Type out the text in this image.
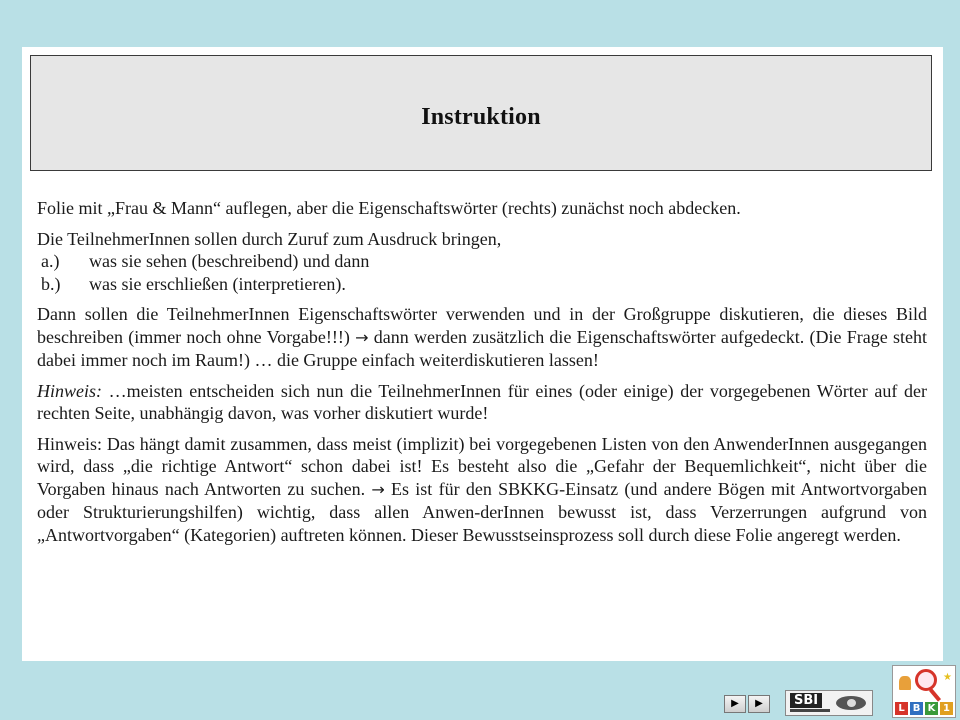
Instruktion

Folie mit „Frau & Mann“ auflegen, aber die Eigenschaftswörter (rechts) zunächst noch abdecken.

Die TeilnehmerInnen sollen durch Zuruf zum Ausdruck bringen,

a.)	was sie sehen (beschreibend) und dann
b.)	was sie erschließen (interpretieren).

Dann sollen die TeilnehmerInnen Eigenschaftswörter verwenden und in der Großgruppe diskutieren, die dieses Bild beschreiben (immer noch ohne Vorgabe!!!) → dann werden zusätzlich die Eigenschaftswörter aufgedeckt. (Die Frage steht dabei immer noch im Raum!) … die Gruppe einfach weiterdiskutieren lassen!

Hinweis: …meisten entscheiden sich nun die TeilnehmerInnen für eines (oder einige) der vorgegebenen Wörter auf der rechten Seite, unabhängig davon, was vorher diskutiert wurde!

Hinweis: Das hängt damit zusammen, dass meist (implizit) bei vorgegebenen Listen von den AnwenderInnen ausgegangen wird, dass „die richtige Antwort“ schon dabei ist! Es besteht also die „Gefahr der Bequemlichkeit“, nicht über die Vorgaben hinaus nach Antworten zu suchen. → Es ist für den SBKKG-Einsatz (und andere Bögen mit Antwortvorgaben oder Strukturierungshilfen) wichtig, dass allen Anwen-derInnen bewusst ist, dass Verzerrungen aufgrund von „Antwortvorgaben“ (Kategorien) auftreten können. Dieser Bewusstseinsprozess soll durch diese Folie angeregt werden.

▶ ▶	SBI
★
L B K 1
